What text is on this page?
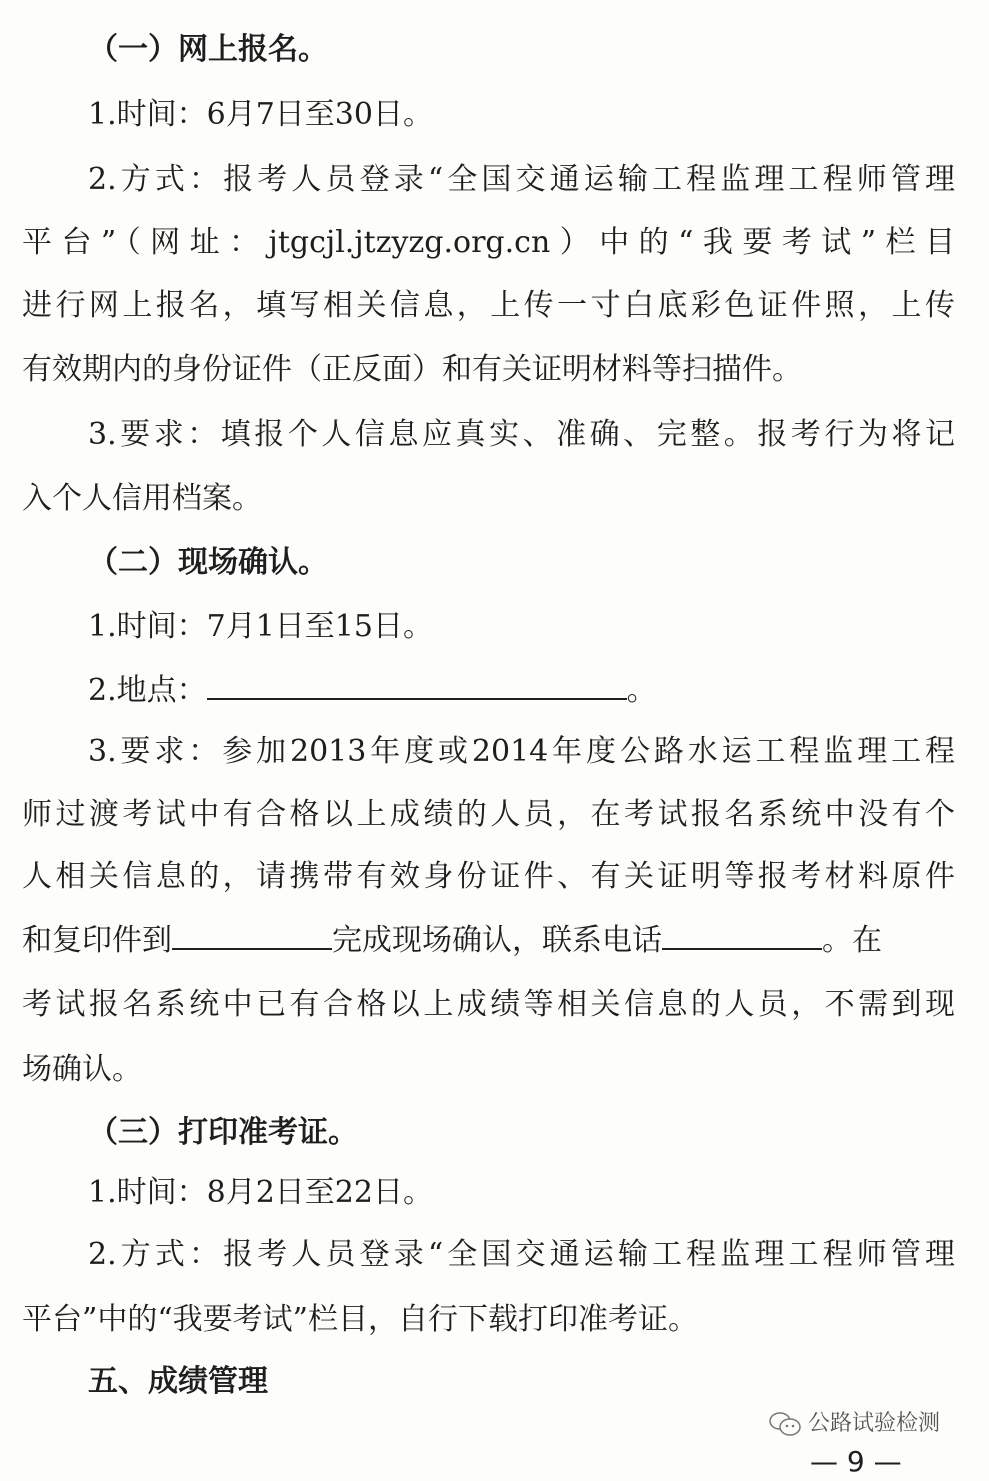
（一）网上报名。
1.时间：6月7日至30日。
2.方式：报考人员登录“全国交通运输工程监理工程师管理
平台”（网址：jtgcjl.jtzyzg.org.cn）中的“我要考试”栏目
进行网上报名，填写相关信息，上传一寸白底彩色证件照，上传
有效期内的身份证件（正反面）和有关证明材料等扫描件。
3.要求：填报个人信息应真实、准确、完整。报考行为将记
入个人信用档案。
（二）现场确认。
1.时间：7月1日至15日。
2.地点：	。
3.要求：参加2013年度或2014年度公路水运工程监理工程
师过渡考试中有合格以上成绩的人员，在考试报名系统中没有个
人相关信息的，请携带有效身份证件、有关证明等报考材料原件
和复印件到	完成现场确认，联系电话	。在
考试报名系统中已有合格以上成绩等相关信息的人员，不需到现
场确认。
（三）打印准考证。
1.时间：8月2日至22日。
2.方式：报考人员登录“全国交通运输工程监理工程师管理
平台”中的“我要考试”栏目，自行下载打印准考证。
五、成绩管理
公路试验检测
— 9 —
